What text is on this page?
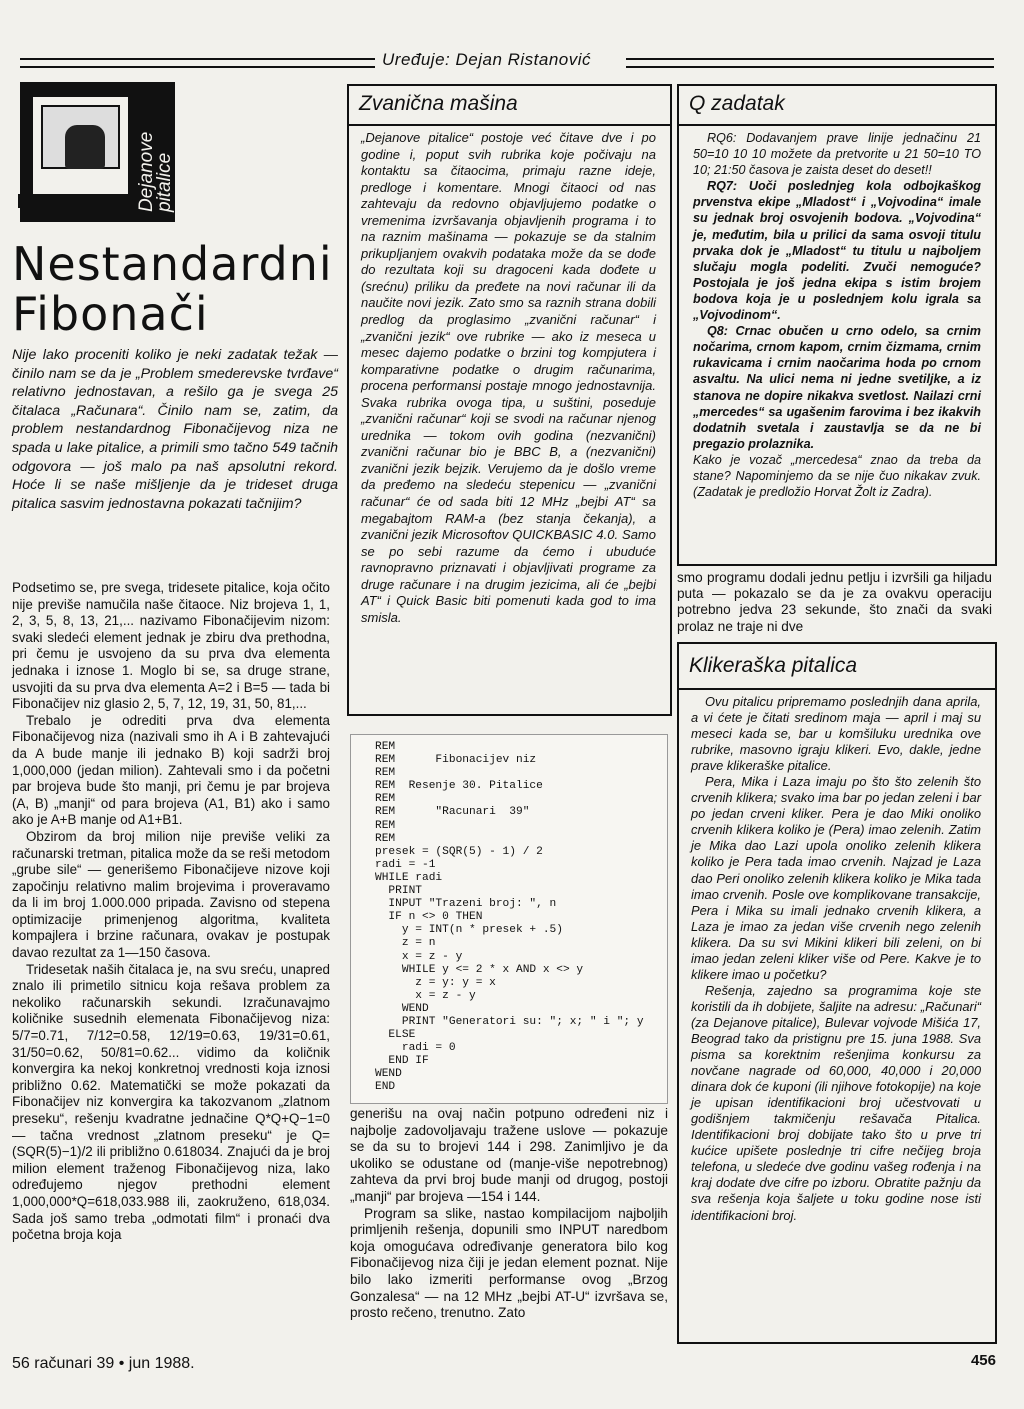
Uređuje: Dejan Ristanović
Dejanove pitalice
Nestandardni
Fibonači
Nije lako proceniti koliko je neki zadatak težak — činilo nam se da je „Problem smederevske tvrđave“ relativno jednostavan, a rešilo ga je svega 25 čitalaca „Računara“. Činilo nam se, zatim, da problem nestandardnog Fibonačijevog niza ne spada u lake pitalice, a primili smo tačno 549 tačnih odgovora — još malo pa naš apsolutni rekord. Hoće li se naše mišljenje da je trideset druga pitalica sasvim jednostavna pokazati tačnijim?

Podsetimo se, pre svega, tridesete pitalice, koja očito nije previše namučila naše čitaoce. Niz brojeva 1, 1, 2, 3, 5, 8, 13, 21,... nazivamo Fibonačijevim nizom: svaki sledeći element jednak je zbiru dva prethodna, pri čemu je usvojeno da su prva dva elementa jednaka i iznose 1. Moglo bi se, sa druge strane, usvojiti da su prva dva elementa A=2 i B=5 — tada bi Fibonačijev niz glasio 2, 5, 7, 12, 19, 31, 50, 81,...

Trebalo je odrediti prva dva elementa Fibonačijevog niza (nazivali smo ih A i B zahtevajući da A bude manje ili jednako B) koji sadrži broj 1,000,000 (jedan milion). Zahtevali smo i da početni par brojeva bude što manji, pri čemu je par brojeva (A, B) „manji“ od para brojeva (A1, B1) ako i samo ako je A+B manje od A1+B1.

Obzirom da broj milion nije previše veliki za računarski tretman, pitalica može da se reši metodom „grube sile“ — generišemo Fibonačijeve nizove koji započinju relativno malim brojevima i proveravamo da li im broj 1.000.000 pripada. Zavisno od stepena optimizacije primenjenog algoritma, kvaliteta kompajlera i brzine računara, ovakav je postupak davao rezultat za 1—150 časova.

Tridesetak naših čitalaca je, na svu sreću, unapred znalo ili primetilo sitnicu koja rešava problem za nekoliko računarskih sekundi. Izračunavajmo količnike susednih elemenata Fibonačijevog niza: 5/7=0.71, 7/12=0.58, 12/19=0.63, 19/31=0.61, 31/50=0.62, 50/81=0.62... vidimo da količnik konvergira ka nekoj konkretnoj vrednosti koja iznosi približno 0.62. Matematički se može pokazati da Fibonačijev niz konvergira ka takozvanom „zlatnom preseku“, rešenju kvadratne jednačine Q*Q+Q−1=0 — tačna vrednost „zlatnom preseku“ je Q=(SQR(5)−1)/2 ili približno 0.618034. Znajući da je broj milion element traženog Fibonačijevog niza, lako određujemo njegov prethodni element 1,000,000*Q=618,033.988 ili, zaokruženo, 618,034. Sada još samo treba „odmotati film“ i pronaći dva početna broja koja

Zvanična mašina
„Dejanove pitalice“ postoje već čitave dve i po godine i, poput svih rubrika koje počivaju na kontaktu sa čitaocima, primaju razne ideje, predloge i komentare. Mnogi čitaoci od nas zahtevaju da redovno objavljujemo podatke o vremenima izvršavanja objavljenih programa i to na raznim mašinama — pokazuje se da stalnim prikupljanjem ovakvih podataka može da se dođe do rezultata koji su dragoceni kada dođete u (srećnu) priliku da pređete na novi računar ili da naučite novi jezik. Zato smo sa raznih strana dobili predlog da proglasimo „zvanični računar“ i „zvanični jezik“ ove rubrike — ako iz meseca u mesec dajemo podatke o brzini tog kompjutera i komparativne podatke o drugim računarima, procena performansi postaje mnogo jednostavnija. Svaka rubrika ovoga tipa, u suštini, poseduje „zvanični računar“ koji se svodi na računar njenog urednika — tokom ovih godina (nezvanični) zvanični računar bio je BBC B, a (nezvanični) zvanični jezik bejzik. Verujemo da je došlo vreme da pređemo na sledeću stepenicu — „zvanični računar“ će od sada biti 12 MHz „bejbi AT“ sa megabajtom RAM-a (bez stanja čekanja), a zvanični jezik Microsoftov QUICKBASIC 4.0. Samo se po sebi razume da ćemo i ubuduće ravnopravno priznavati i objavljivati programe za druge računare i na drugim jezicima, ali će „bejbi AT“ i Quick Basic biti pomenuti kada god to ima smisla.
REM
REM      Fibonacijev niz
REM
REM  Resenje 30. Pitalice
REM
REM      "Racunari  39"
REM
REM
presek = (SQR(5) - 1) / 2
radi = -1
WHILE radi
PRINT
INPUT "Trazeni broj: ", n
IF n <> 0 THEN
y = INT(n * presek + .5)
z = n
x = z - y
WHILE y <= 2 * x AND x <> y
z = y: y = x
x = z - y
WEND
PRINT "Generatori su: "; x; " i "; y
ELSE
radi = 0
END IF
WEND
END

generišu na ovaj način potpuno određeni niz i najbolje zadovoljavaju tražene uslove — pokazuje se da su to brojevi 144 i 298. Zanimljivo je da ukoliko se odustane od (manje-više nepotrebnog) zahteva da prvi broj bude manji od drugog, postoji „manji“ par brojeva —154 i 144.

Program sa slike, nastao kompilacijom najboljih primljenih rešenja, dopunili smo INPUT naredbom koja omogućava određivanje generatora bilo kog Fibonačijevog niza čiji je jedan element poznat. Nije bilo lako izmeriti performanse ovog „Brzog Gonzalesa“ — na 12 MHz „bejbi AT-U“ izvršava se, prosto rečeno, trenutno. Zato

Q zadatak

RQ6: Dodavanjem prave linije jednačinu 21 50=10 10 10 možete da pretvorite u 21 50=10 TO 10; 21:50 časova je zaista deset do deset!!

RQ7: Uoči poslednjeg kola odbojkaškog prvenstva ekipe „Mladost“ i „Vojvodina“ imale su jednak broj osvojenih bodova. „Vojvodina“ je, međutim, bila u prilici da sama osvoji titulu prvaka dok je „Mladost“ tu titulu u najboljem slučaju mogla podeliti. Zvuči nemoguće? Postojala je još jedna ekipa s istim brojem bodova koja je u poslednjem kolu igrala sa „Vojvodinom“.

Q8: Crnac obučen u crno odelo, sa crnim nočarima, crnom kapom, crnim čizmama, crnim rukavicama i crnim naočarima hoda po crnom asvaltu. Na ulici nema ni jedne svetiljke, a iz stanova ne dopire nikakva svetlost. Nailazi crni „mercedes“ sa ugašenim farovima i bez ikakvih dodatnih svetala i zaustavlja se da ne bi pregazio prolaznika.

Kako je vozač „mercedesa“ znao da treba da stane? Napominjemo da se nije čuo nikakav zvuk. (Zadatak je predložio Horvat Žolt iz Zadra).

smo programu dodali jednu petlju i izvršili ga hiljadu puta — pokazalo se da je za ovakvu operaciju potrebno jedva 23 sekunde, što znači da svaki prolaz ne traje ni dve
Klikeraška pitalica

Ovu pitalicu pripremamo poslednjih dana aprila, a vi ćete je čitati sredinom maja — april i maj su meseci kada se, bar u komšiluku urednika ove rubrike, masovno igraju klikeri. Evo, dakle, jedne prave klikeraške pitalice.

Pera, Mika i Laza imaju po što što zelenih što crvenih klikera; svako ima bar po jedan zeleni i bar po jedan crveni kliker. Pera je dao Miki onoliko crvenih klikera koliko je (Pera) imao zelenih. Zatim je Mika dao Lazi upola onoliko zelenih klikera koliko je Pera tada imao crvenih. Najzad je Laza dao Peri onoliko zelenih klikera koliko je Mika tada imao crvenih. Posle ove komplikovane transakcije, Pera i Mika su imali jednako crvenih klikera, a Laza je imao za jedan više crvenih nego zelenih klikera. Da su svi Mikini klikeri bili zeleni, on bi imao jedan zeleni kliker više od Pere. Kakve je to klikere imao u početku?

Rešenja, zajedno sa programima koje ste koristili da ih dobijete, šaljite na adresu: „Računari“ (za Dejanove pitalice), Bulevar vojvode Mišića 17, Beograd tako da pristignu pre 15. juna 1988. Sva pisma sa korektnim rešenjima konkursu za novčane nagrade od 60,000, 40,000 i 20,000 dinara dok će kuponi (ili njihove fotokopije) na koje je upisan identifikacioni broj učestvovati u godišnjem takmičenju rešavača Pitalica. Identifikacioni broj dobijate tako što u prve tri kućice upišete poslednje tri cifre nečijeg broja telefona, u sledeće dve godinu vašeg rođenja i na kraj dodate dve cifre po izboru. Obratite pažnju da sva rešenja koja šaljete u toku godine nose isti identifikacioni broj.

56 računari 39 • jun 1988.	456
